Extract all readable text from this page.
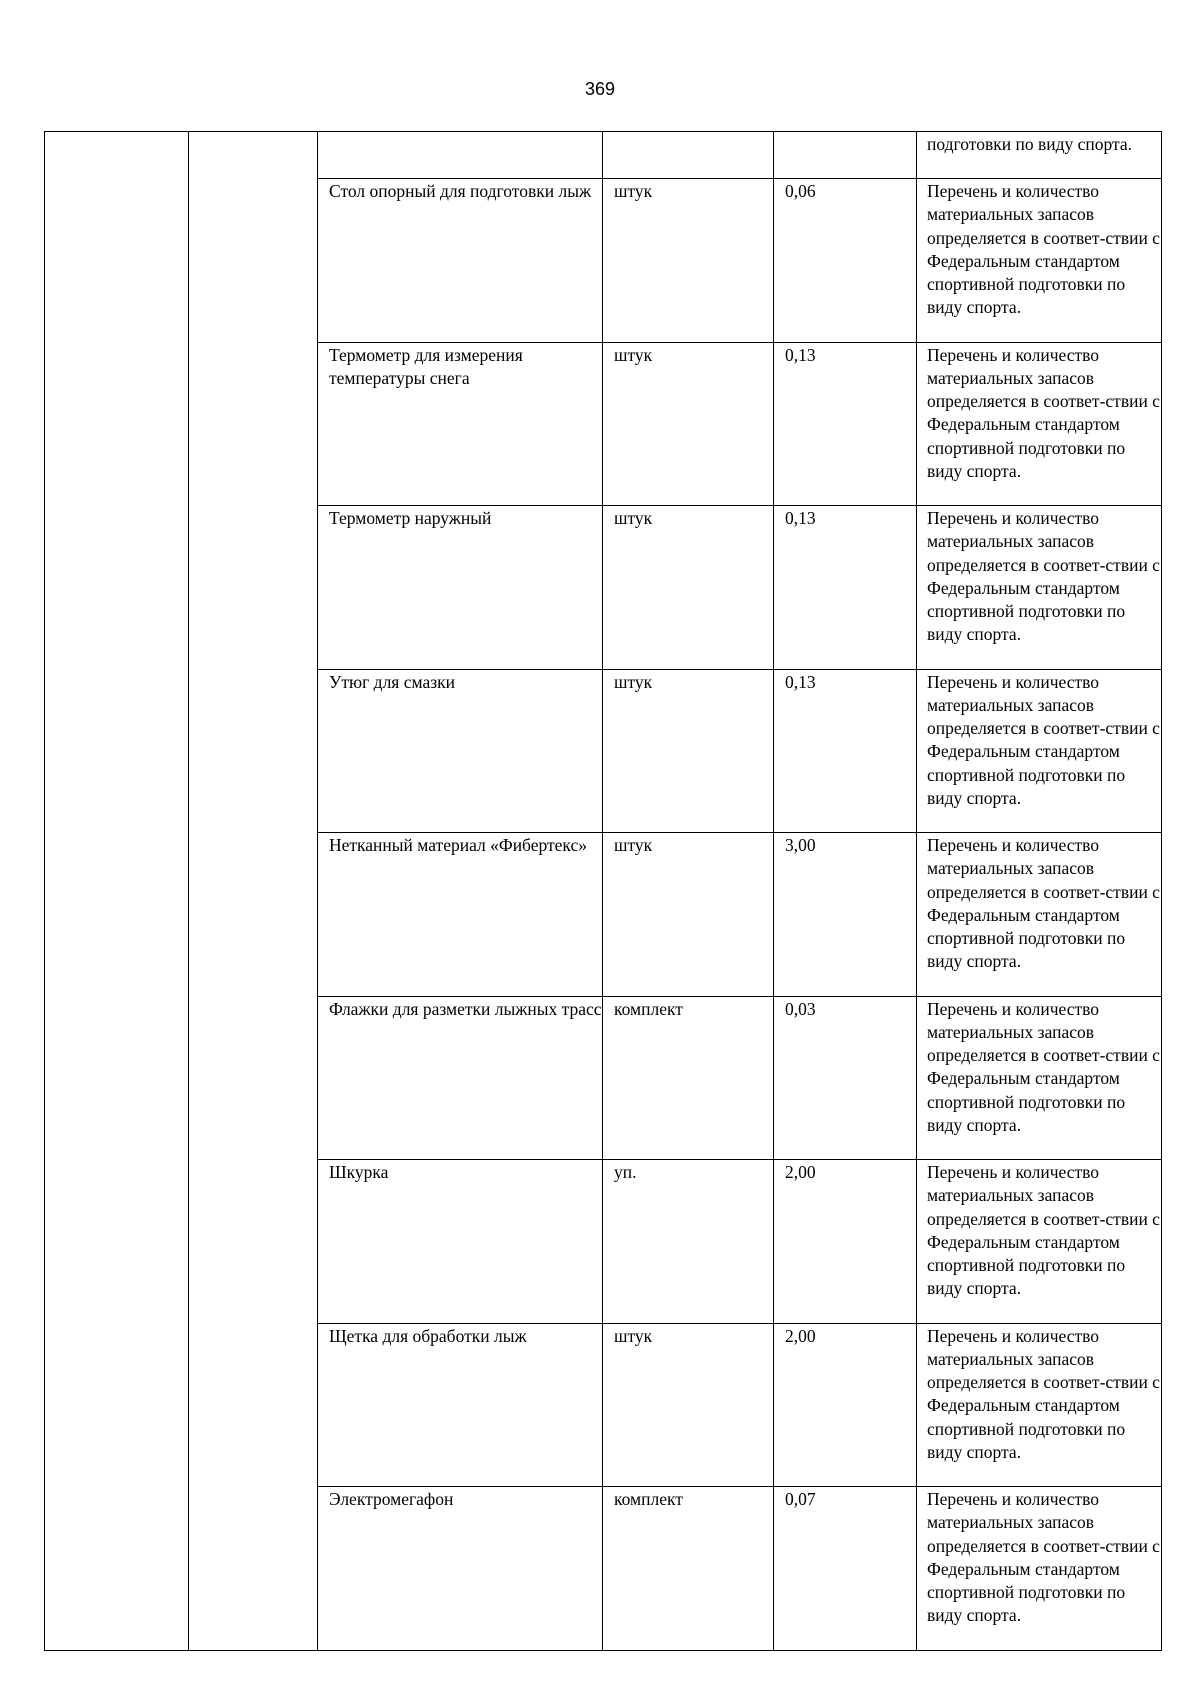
369
					подготовки по виду спорта.

		Стол опорный для подготовки лыж	штук	0,06	Перечень и количество материальных запасов определяется в соответ-ствии с Федеральным стандартом спортивной подготовки по виду спорта.

		Термометр для измерения температуры снега	штук	0,13	Перечень и количество материальных запасов определяется в соответ-ствии с Федеральным стандартом спортивной подготовки по виду спорта.

		Термометр наружный	штук	0,13	Перечень и количество материальных запасов определяется в соответ-ствии с Федеральным стандартом спортивной подготовки по виду спорта.

		Утюг для смазки	штук	0,13	Перечень и количество материальных запасов определяется в соответ-ствии с Федеральным стандартом спортивной подготовки по виду спорта.

		Нетканный материал «Фибертекс»	штук	3,00	Перечень и количество материальных запасов определяется в соответ-ствии с Федеральным стандартом спортивной подготовки по виду спорта.

		Флажки для разметки лыжных трасс	комплект	0,03	Перечень и количество материальных запасов определяется в соответ-ствии с Федеральным стандартом спортивной подготовки по виду спорта.

		Шкурка	уп.	2,00	Перечень и количество материальных запасов определяется в соответ-ствии с Федеральным стандартом спортивной подготовки по виду спорта.

		Щетка для обработки лыж	штук	2,00	Перечень и количество материальных запасов определяется в соответ-ствии с Федеральным стандартом спортивной подготовки по виду спорта.

		Электромегафон	комплект	0,07	Перечень и количество материальных запасов определяется в соответ-ствии с Федеральным стандартом спортивной подготовки по виду спорта.
